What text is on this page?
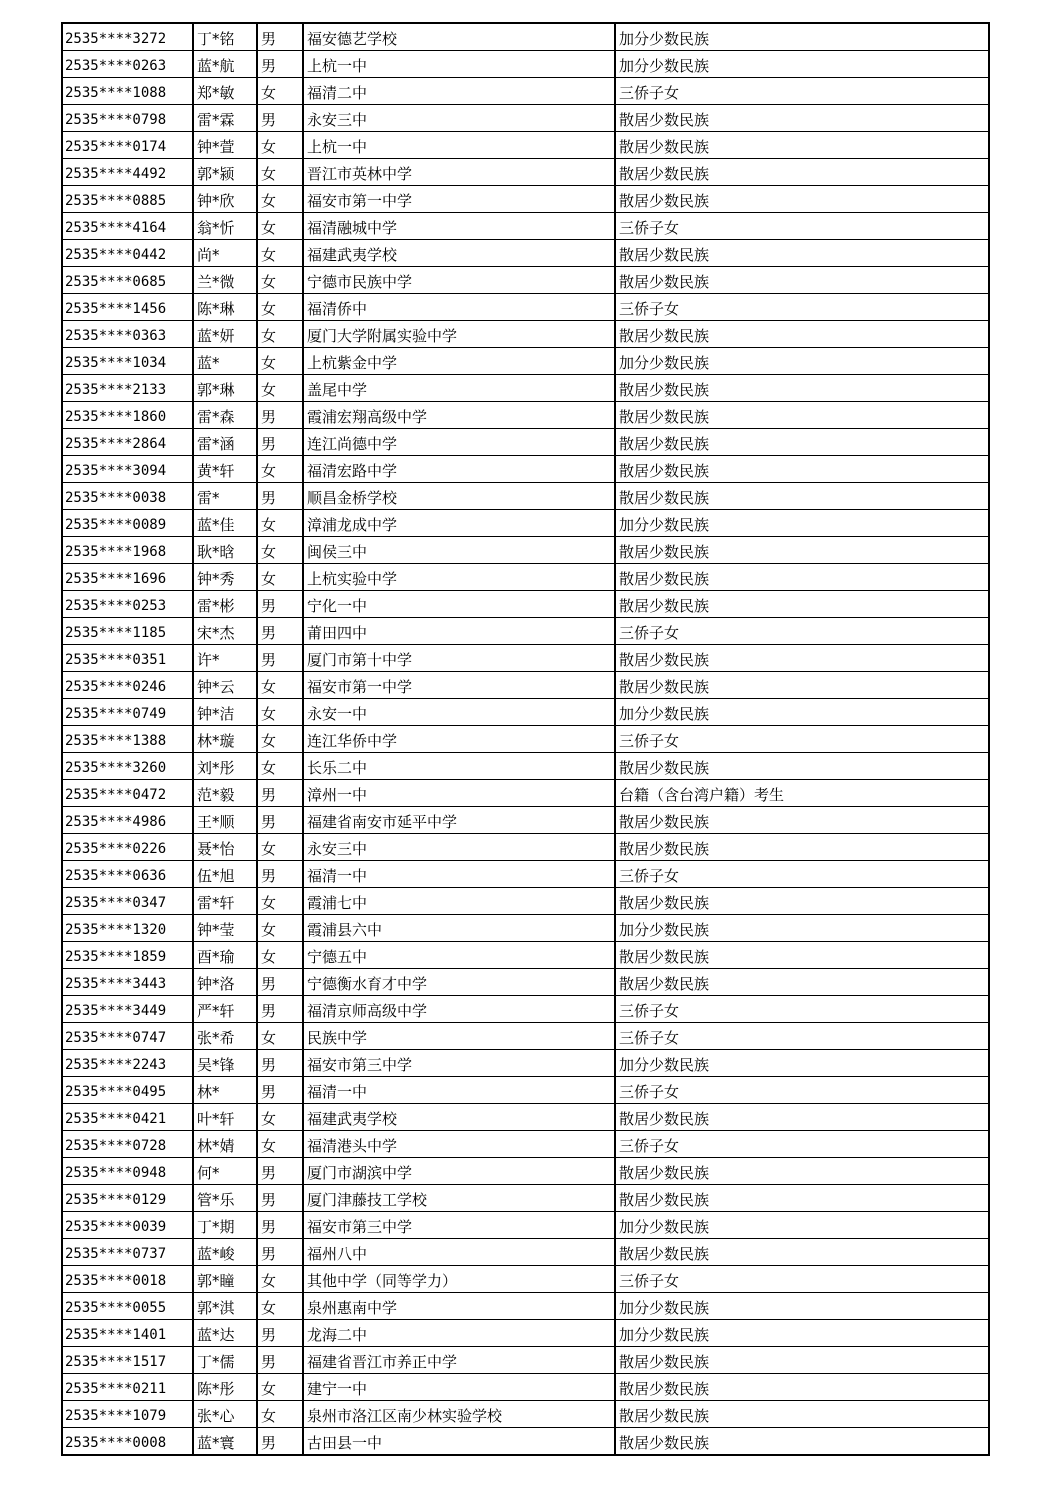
2535****3272	丁*铭	男	福安德艺学校	加分少数民族
2535****0263	蓝*航	男	上杭一中	加分少数民族
2535****1088	郑*敏	女	福清二中	三侨子女
2535****0798	雷*霖	男	永安三中	散居少数民族
2535****0174	钟*萱	女	上杭一中	散居少数民族
2535****4492	郭*颍	女	晋江市英林中学	散居少数民族
2535****0885	钟*欣	女	福安市第一中学	散居少数民族
2535****4164	翁*忻	女	福清融城中学	三侨子女
2535****0442	尚*	女	福建武夷学校	散居少数民族
2535****0685	兰*微	女	宁德市民族中学	散居少数民族
2535****1456	陈*琳	女	福清侨中	三侨子女
2535****0363	蓝*妍	女	厦门大学附属实验中学	散居少数民族
2535****1034	蓝*	女	上杭紫金中学	加分少数民族
2535****2133	郭*琳	女	盖尾中学	散居少数民族
2535****1860	雷*森	男	霞浦宏翔高级中学	散居少数民族
2535****2864	雷*涵	男	连江尚德中学	散居少数民族
2535****3094	黄*轩	女	福清宏路中学	散居少数民族
2535****0038	雷*	男	顺昌金桥学校	散居少数民族
2535****0089	蓝*佳	女	漳浦龙成中学	加分少数民族
2535****1968	耿*晗	女	闽侯三中	散居少数民族
2535****1696	钟*秀	女	上杭实验中学	散居少数民族
2535****0253	雷*彬	男	宁化一中	散居少数民族
2535****1185	宋*杰	男	莆田四中	三侨子女
2535****0351	许*	男	厦门市第十中学	散居少数民族
2535****0246	钟*云	女	福安市第一中学	散居少数民族
2535****0749	钟*洁	女	永安一中	加分少数民族
2535****1388	林*璇	女	连江华侨中学	三侨子女
2535****3260	刘*彤	女	长乐二中	散居少数民族
2535****0472	范*毅	男	漳州一中	台籍（含台湾户籍）考生
2535****4986	王*顺	男	福建省南安市延平中学	散居少数民族
2535****0226	聂*怡	女	永安三中	散居少数民族
2535****0636	伍*旭	男	福清一中	三侨子女
2535****0347	雷*轩	女	霞浦七中	散居少数民族
2535****1320	钟*莹	女	霞浦县六中	加分少数民族
2535****1859	酉*瑜	女	宁德五中	散居少数民族
2535****3443	钟*洛	男	宁德衡水育才中学	散居少数民族
2535****3449	严*轩	男	福清京师高级中学	三侨子女
2535****0747	张*希	女	民族中学	三侨子女
2535****2243	吴*锋	男	福安市第三中学	加分少数民族
2535****0495	林*	男	福清一中	三侨子女
2535****0421	叶*轩	女	福建武夷学校	散居少数民族
2535****0728	林*婧	女	福清港头中学	三侨子女
2535****0948	何*	男	厦门市湖滨中学	散居少数民族
2535****0129	管*乐	男	厦门津藤技工学校	散居少数民族
2535****0039	丁*期	男	福安市第三中学	加分少数民族
2535****0737	蓝*峻	男	福州八中	散居少数民族
2535****0018	郭*瞳	女	其他中学（同等学力）	三侨子女
2535****0055	郭*淇	女	泉州惠南中学	加分少数民族
2535****1401	蓝*达	男	龙海二中	加分少数民族
2535****1517	丁*儒	男	福建省晋江市养正中学	散居少数民族
2535****0211	陈*彤	女	建宁一中	散居少数民族
2535****1079	张*心	女	泉州市洛江区南少林实验学校	散居少数民族
2535****0008	蓝*寰	男	古田县一中	散居少数民族
